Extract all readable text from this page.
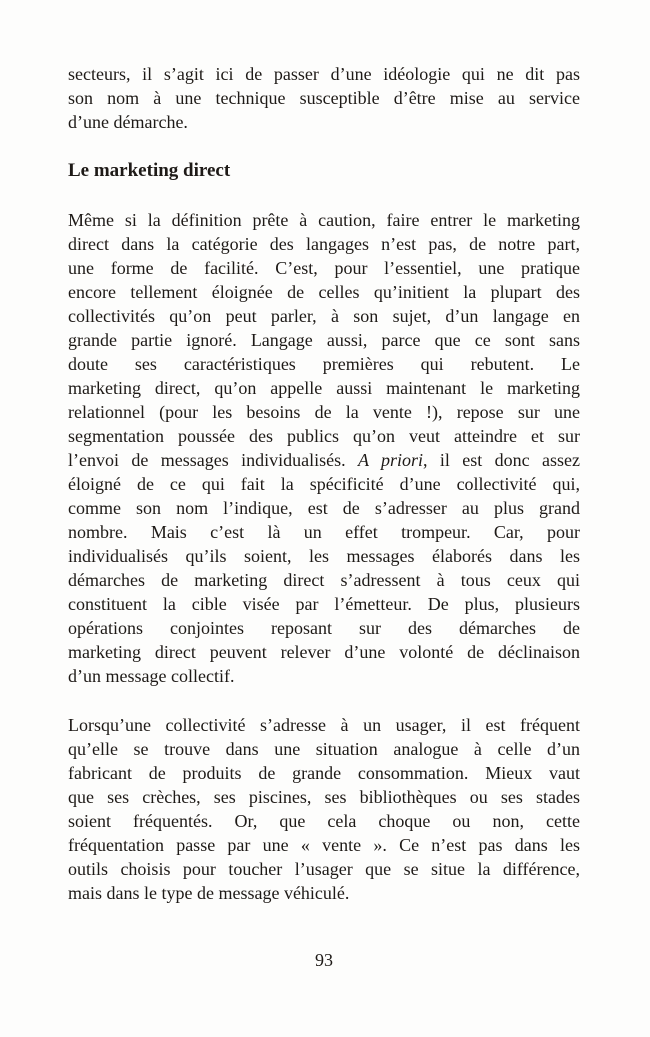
secteurs, il s’agit ici de passer d’une idéologie qui ne dit pas
son nom à une technique susceptible d’être mise au service
d’une démarche.
Le marketing direct
Même si la définition prête à caution, faire entrer le marketing
direct dans la catégorie des langages n’est pas, de notre part,
une forme de facilité. C’est, pour l’essentiel, une pratique
encore tellement éloignée de celles qu’initient la plupart des
collectivités qu’on peut parler, à son sujet, d’un langage en
grande partie ignoré. Langage aussi, parce que ce sont sans
doute ses caractéristiques premières qui rebutent. Le
marketing direct, qu’on appelle aussi maintenant le marketing
relationnel (pour les besoins de la vente !), repose sur une
segmentation poussée des publics qu’on veut atteindre et sur
l’envoi de messages individualisés. A priori, il est donc assez
éloigné de ce qui fait la spécificité d’une collectivité qui,
comme son nom l’indique, est de s’adresser au plus grand
nombre. Mais c’est là un effet trompeur. Car, pour
individualisés qu’ils soient, les messages élaborés dans les
démarches de marketing direct s’adressent à tous ceux qui
constituent la cible visée par l’émetteur. De plus, plusieurs
opérations conjointes reposant sur des démarches de
marketing direct peuvent relever d’une volonté de déclinaison
d’un message collectif.
Lorsqu’une collectivité s’adresse à un usager, il est fréquent
qu’elle se trouve dans une situation analogue à celle d’un
fabricant de produits de grande consommation. Mieux vaut
que ses crèches, ses piscines, ses bibliothèques ou ses stades
soient fréquentés. Or, que cela choque ou non, cette
fréquentation passe par une « vente ». Ce n’est pas dans les
outils choisis pour toucher l’usager que se situe la différence,
mais dans le type de message véhiculé.
93
